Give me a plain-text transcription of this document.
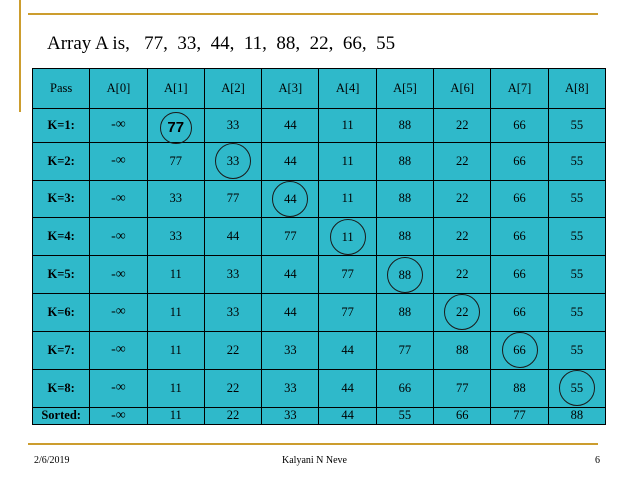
Array A is,   77,  33,  44,  11,  88,  22,  66,  55
Pass	A[0]	A[1]	A[2]	A[3]	A[4]	A[5]	A[6]	A[7]	A[8]
K=1:	-∞	77	33	44	11	88	22	66	55
K=2:	-∞	77	33	44	11	88	22	66	55
K=3:	-∞	33	77	44	11	88	22	66	55
K=4:	-∞	33	44	77	11	88	22	66	55
K=5:	-∞	11	33	44	77	88	22	66	55
K=6:	-∞	11	33	44	77	88	22	66	55
K=7:	-∞	11	22	33	44	77	88	66	55
K=8:	-∞	11	22	33	44	66	77	88	55
Sorted:	-∞	11	22	33	44	55	66	77	88
2/6/2019	Kalyani N Neve	6
